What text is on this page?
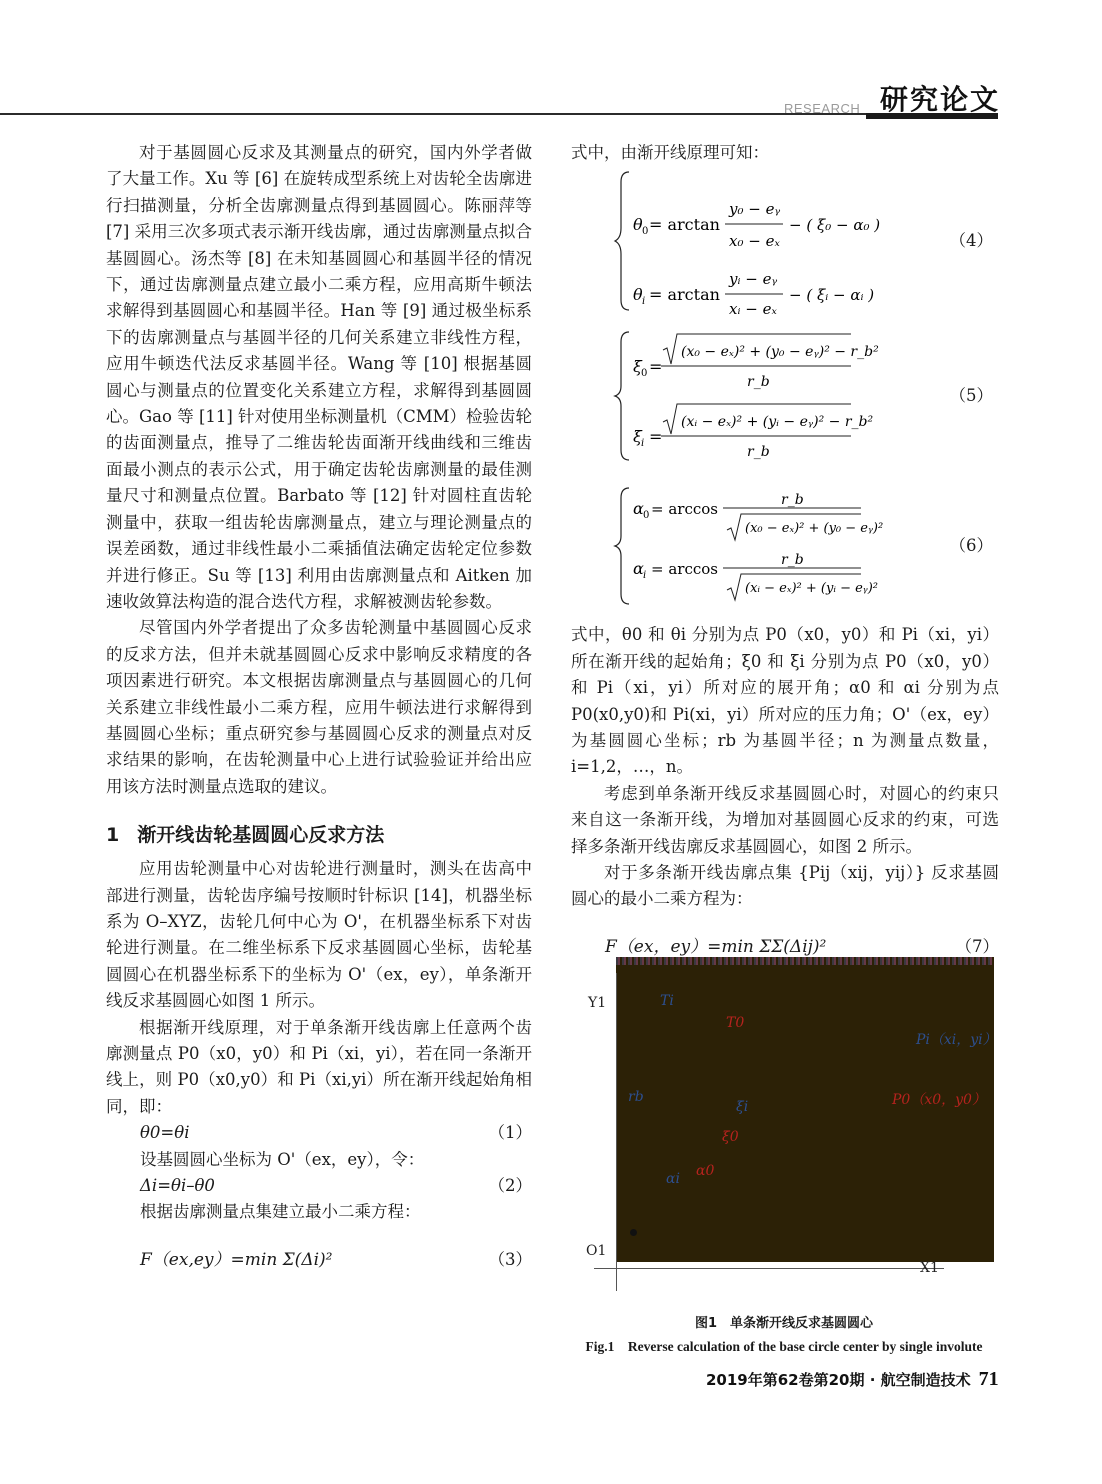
RESEARCH 研究论文

对于基圆圆心反求及其测量点的研究，国内外学者做了大量工作。Xu 等 [6] 在旋转成型系统上对齿轮全齿廓进行扫描测量，分析全齿廓测量点得到基圆圆心。陈丽萍等 [7] 采用三次多项式表示渐开线齿廓，通过齿廓测量点拟合基圆圆心。汤杰等 [8] 在未知基圆圆心和基圆半径的情况下，通过齿廓测量点建立最小二乘方程，应用高斯牛顿法求解得到基圆圆心和基圆半径。Han 等 [9] 通过极坐标系下的齿廓测量点与基圆半径的几何关系建立非线性方程，应用牛顿迭代法反求基圆半径。Wang 等 [10] 根据基圆圆心与测量点的位置变化关系建立方程，求解得到基圆圆心。Gao 等 [11] 针对使用坐标测量机（CMM）检验齿轮的齿面测量点，推导了二维齿轮齿面渐开线曲线和三维齿面最小测点的表示公式，用于确定齿轮齿廓测量的最佳测量尺寸和测量点位置。Barbato 等 [12] 针对圆柱直齿轮测量中，获取一组齿轮齿廓测量点，建立与理论测量点的误差函数，通过非线性最小二乘插值法确定齿轮定位参数并进行修正。Su 等 [13] 利用由齿廓测量点和 Aitken 加速收敛算法构造的混合迭代方程，求解被测齿轮参数。

尽管国内外学者提出了众多齿轮测量中基圆圆心反求的反求方法，但并未就基圆圆心反求中影响反求精度的各项因素进行研究。本文根据齿廓测量点与基圆圆心的几何关系建立非线性最小二乘方程，应用牛顿法进行求解得到基圆圆心坐标；重点研究参与基圆圆心反求的测量点对反求结果的影响，在齿轮测量中心上进行试验验证并给出应用该方法时测量点选取的建议。

1 渐开线齿轮基圆圆心反求方法

应用齿轮测量中心对齿轮进行测量时，测头在齿高中部进行测量，齿轮齿序编号按顺时针标识 [14]，机器坐标系为 O–XYZ，齿轮几何中心为 O'，在机器坐标系下对齿轮进行测量。在二维坐标系下反求基圆圆心坐标，齿轮基圆圆心在机器坐标系下的坐标为 O'（ex，ey），单条渐开线反求基圆圆心如图 1 所示。

根据渐开线原理，对于单条渐开线齿廓上任意两个齿廓测量点 P0（x0，y0）和 Pi（xi，yi），若在同一条渐开线上，则 P0（x0,y0）和 Pi（xi,yi）所在渐开线起始角相同，即：

θ0=θi	（1）
设基圆圆心坐标为 O'（ex，ey），令：
Δi=θi–θ0	（2）
根据齿廓测量点集建立最小二乘方程：
F（ex,ey）=min Σ(Δi)²	（3）
式中，由渐开线原理可知：
θ 0 = arctan
y₀ − eᵧ
x₀ − eₓ
− ( ξ₀ − α₀ )
θ i = arctan
yᵢ − eᵧ
xᵢ − eₓ
− ( ξᵢ − αᵢ )
（4）
ξ 0 =
(x₀ − eₓ)² + (y₀ − eᵧ)² − r_b²
r_b
ξ i =
(xᵢ − eₓ)² + (yᵢ − eᵧ)² − r_b²
r_b
（5）
α 0 = arccos	r_b
(x₀ − eₓ)² + (y₀ − eᵧ)²
α i = arccos	r_b
(xᵢ − eₓ)² + (yᵢ − eᵧ)²
（6）

式中，θ0 和 θi 分别为点 P0（x0，y0）和 Pi（xi，yi）所在渐开线的起始角；ξ0 和 ξi 分别为点 P0（x0，y0）和 Pi（xi，yi）所对应的展开角；α0 和 αi 分别为点 P0(x0,y0)和 Pi(xi，yi）所对应的压力角；O'（ex，ey）为基圆圆心坐标；rb 为基圆半径；n 为测量点数量，i=1,2，…，n。

考虑到单条渐开线反求基圆圆心时，对圆心的约束只来自这一条渐开线，为增加对基圆圆心反求的约束，可选择多条渐开线齿廓反求基圆圆心，如图 2 所示。

对于多条渐开线齿廓点集 {Pij（xij，yij）} 反求基圆圆心的最小二乘方程为：

F（ex，ey）=min ΣΣ(Δij)²	（7）
Y1	Ti
T0
Pi（xi，yi）
rb
ξi	P0（x0，y0）
ξ0
α0
αi
O1
X1
图1　单条渐开线反求基圆圆心
Fig.1　Reverse calculation of the base circle center by single involute
2019年第62卷第20期 · 航空制造技术 71
